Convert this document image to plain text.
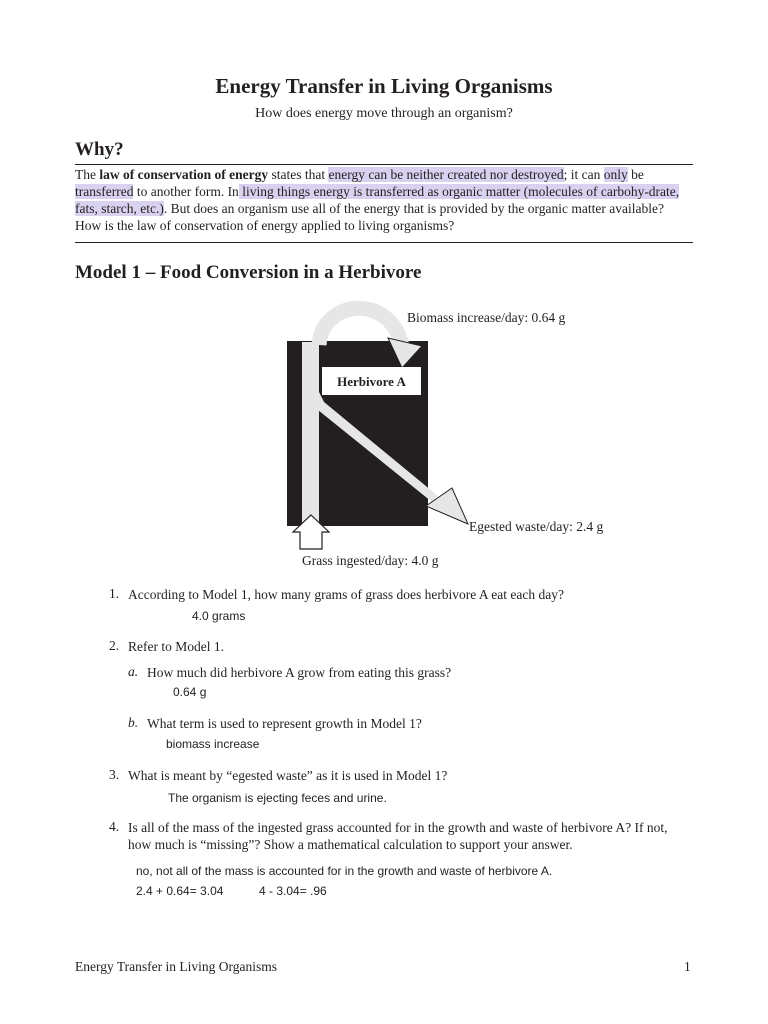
Energy Transfer in Living Organisms
How does energy move through an organism?
Why?
The law of conservation of energy states that energy can be neither created nor destroyed; it can only be transferred to another form. In living things energy is transferred as organic matter (molecules of carbohy-drate, fats, starch, etc.). But does an organism use all of the energy that is provided by the organic matter available? How is the law of conservation of energy applied to living organisms?
Model 1 – Food Conversion in a Herbivore
Herbivore A
Biomass increase/day: 0.64 g
Egested waste/day: 2.4 g
Grass ingested/day: 4.0 g
1. According to Model 1, how many grams of grass does herbivore A eat each day?
4.0 grams
2. Refer to Model 1.
a. How much did herbivore A grow from eating this grass?
0.64 g
b. What term is used to represent growth in Model 1?
biomass increase
3. What is meant by “egested waste” as it is used in Model 1?
The organism is ejecting feces and urine.
4. Is all of the mass of the ingested grass accounted for in the growth and waste of herbivore A? If not, how much is “missing”? Show a mathematical calculation to support your answer.
no, not all of the mass is accounted for in the growth and waste of herbivore A.
2.4 + 0.64= 3.04	4 - 3.04= .96
Energy Transfer in Living Organisms	1
